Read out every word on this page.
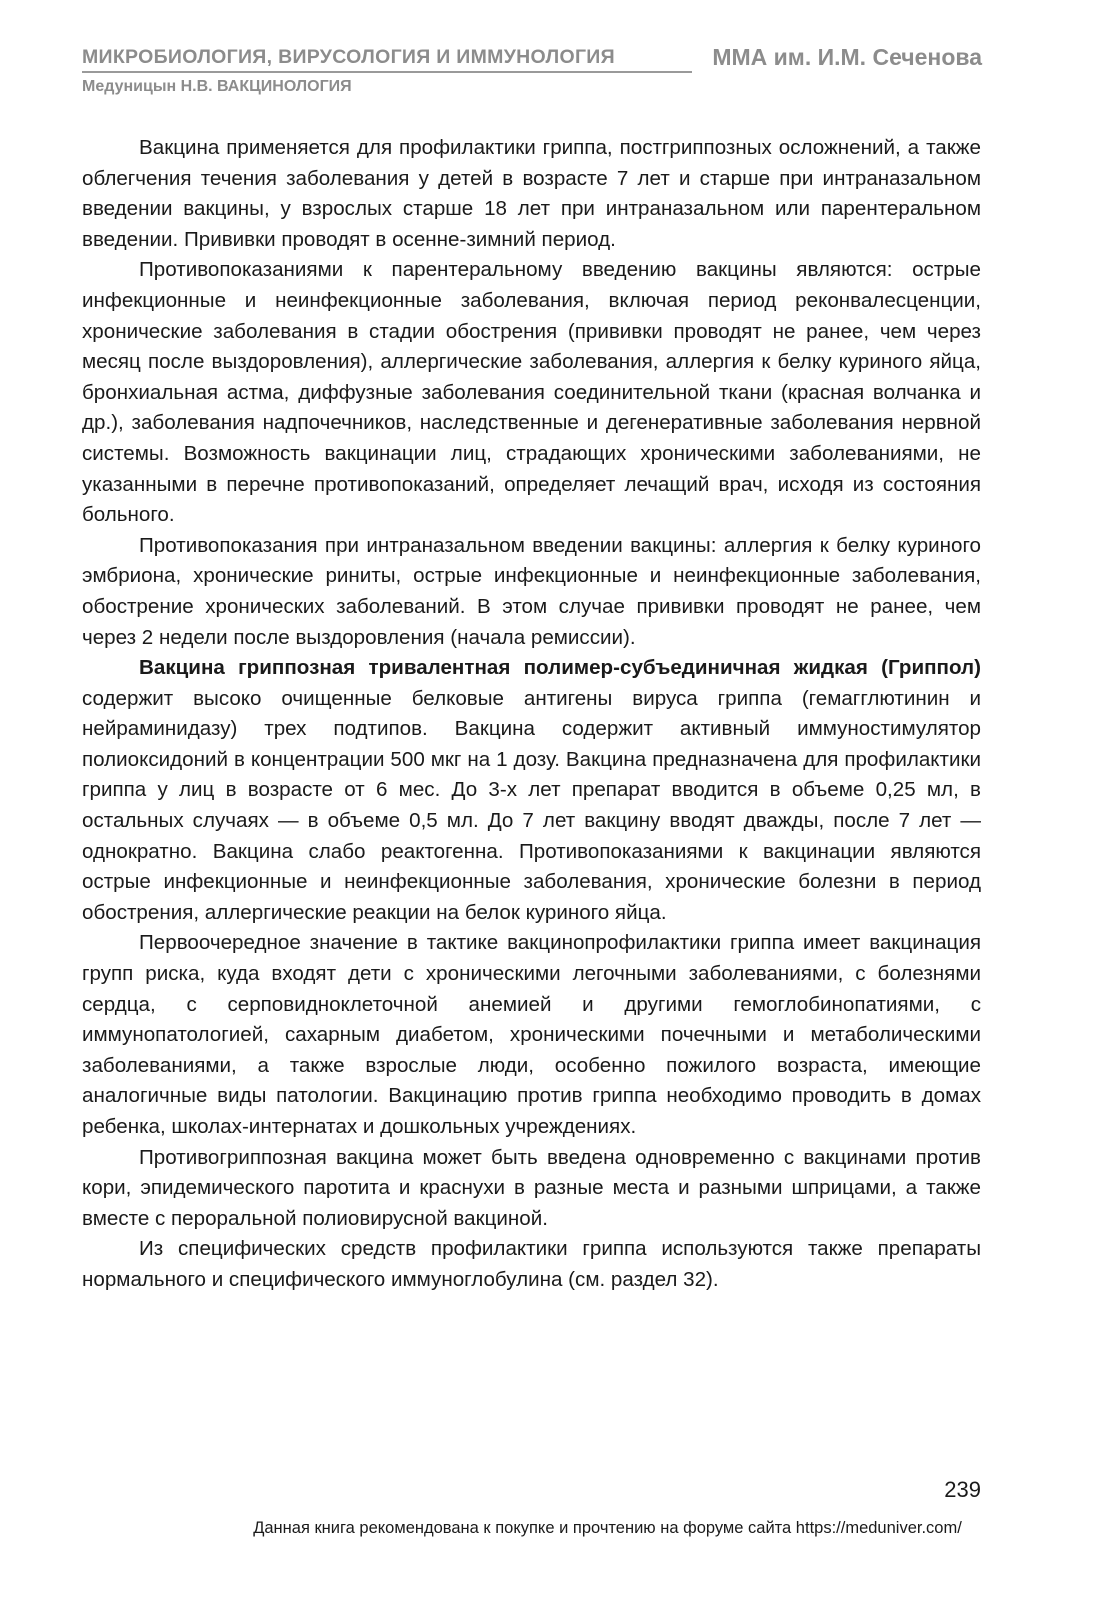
МИКРОБИОЛОГИЯ, ВИРУСОЛОГИЯ И ИММУНОЛОГИЯ	ММА им. И.М. Сеченова
Медуницын Н.В. ВАКЦИНОЛОГИЯ

Вакцина применяется для профилактики гриппа, постгриппозных осложнений, а также облегчения течения заболевания у детей в возрасте 7 лет и старше при интраназальном введении вакцины, у взрослых старше 18 лет при интраназальном или парентеральном введении. Прививки проводят в осенне-зимний период.

Противопоказаниями к парентеральному введению вакцины являются: острые инфекционные и неинфекционные заболевания, включая период реконвалесценции, хронические заболевания в стадии обострения (прививки проводят не ранее, чем через месяц после выздоровления), аллергические заболевания, аллергия к белку куриного яйца, бронхиальная астма, диффузные заболевания соединительной ткани (красная волчанка и др.), заболевания надпочечников, наследственные и дегенеративные заболевания нервной системы. Возможность вакцинации лиц, страдающих хроническими заболеваниями, не указанными в перечне противопоказаний, определяет лечащий врач, исходя из состояния больного.

Противопоказания при интраназальном введении вакцины: аллергия к белку куриного эмбриона, хронические риниты, острые инфекционные и неинфекционные заболевания, обострение хронических заболеваний. В этом случае прививки проводят не ранее, чем через 2 недели после выздоровления (начала ремиссии).

Вакцина гриппозная тривалентная полимер-субъединичная жидкая (Гриппол) содержит высоко очищенные белковые антигены вируса гриппа (гемагглютинин и нейраминидазу) трех подтипов. Вакцина содержит активный иммуностимулятор полиоксидоний в концентрации 500 мкг на 1 дозу. Вакцина предназначена для профилактики гриппа у лиц в возрасте от 6 мес. До 3-х лет препарат вводится в объеме 0,25 мл, в остальных случаях — в объеме 0,5 мл. До 7 лет вакцину вводят дважды, после 7 лет — однократно. Вакцина слабо реактогенна. Противопоказаниями к вакцинации являются острые инфекционные и неинфекционные заболевания, хронические болезни в период обострения, аллергические реакции на белок куриного яйца.

Первоочередное значение в тактике вакцинопрофилактики гриппа имеет вакцинация групп риска, куда входят дети с хроническими легочными заболеваниями, с болезнями сердца, с серповидноклеточной анемией и другими гемоглобинопатиями, с иммунопатологией, сахарным диабетом, хроническими почечными и метаболическими заболеваниями, а также взрослые люди, особенно пожилого возраста, имеющие аналогичные виды патологии. Вакцинацию против гриппа необходимо проводить в домах ребенка, школах-интернатах и дошкольных учреждениях.

Противогриппозная вакцина может быть введена одновременно с вакцинами против кори, эпидемического паротита и краснухи в разные места и разными шприцами, а также вместе с пероральной полиовирусной вакциной.

Из специфических средств профилактики гриппа используются также препараты нормального и специфического иммуноглобулина (см. раздел 32).

239
Данная книга рекомендована к покупке и прочтению на форуме сайта https://meduniver.com/
